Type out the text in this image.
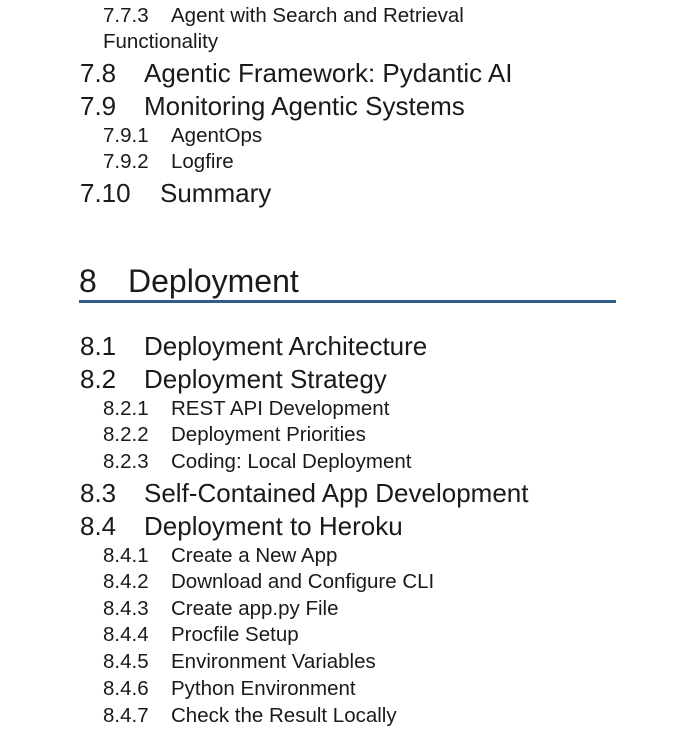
7.7.3 Agent with Search and Retrieval
Functionality
7.8 Agentic Framework: Pydantic AI
7.9 Monitoring Agentic Systems
7.9.1 AgentOps
7.9.2 Logfire
7.10 Summary
8 Deployment
8.1 Deployment Architecture
8.2 Deployment Strategy
8.2.1 REST API Development
8.2.2 Deployment Priorities
8.2.3 Coding: Local Deployment
8.3 Self-Contained App Development
8.4 Deployment to Heroku
8.4.1 Create a New App
8.4.2 Download and Configure CLI
8.4.3 Create app.py File
8.4.4 Procfile Setup
8.4.5 Environment Variables
8.4.6 Python Environment
8.4.7 Check the Result Locally
